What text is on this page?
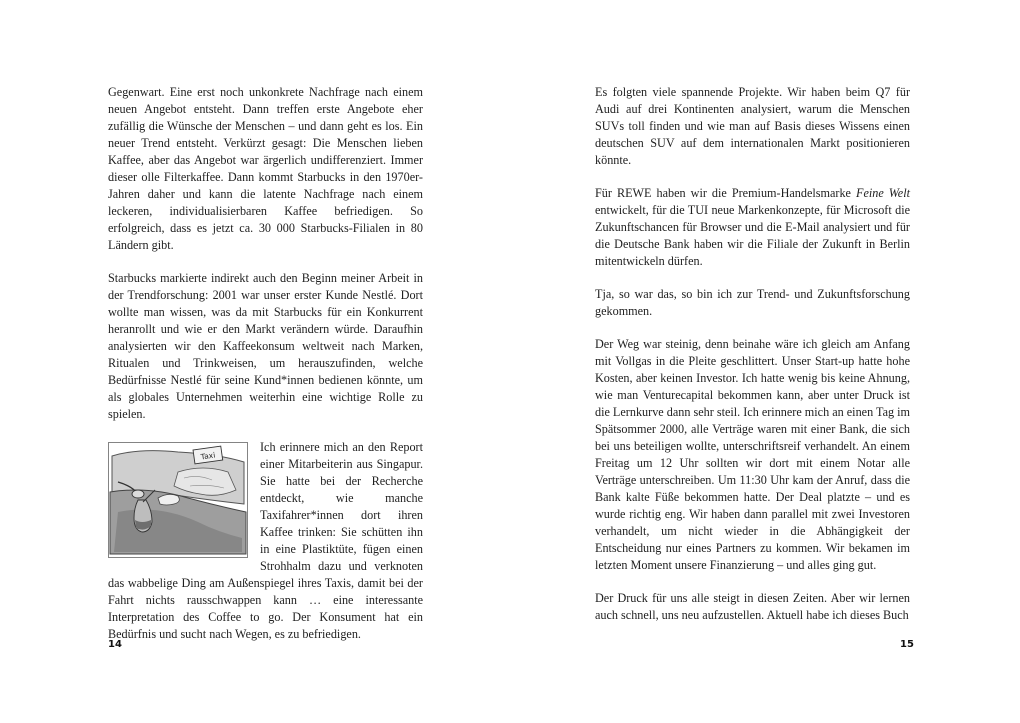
Gegenwart. Eine erst noch unkonkrete Nachfrage nach einem neuen Angebot entsteht. Dann treffen erste Angebote eher zufällig die Wünsche der Menschen – und dann geht es los. Ein neuer Trend entsteht. Verkürzt gesagt: Die Menschen lieben Kaffee, aber das Angebot war ärgerlich undifferenziert. Immer dieser olle Filterkaffee. Dann kommt Starbucks in den 1970er-Jahren daher und kann die latente Nachfrage nach einem leckeren, individualisierbaren Kaffee befriedigen. So erfolgreich, dass es jetzt ca. 30 000 Starbucks-Filialen in 80 Ländern gibt.

Starbucks markierte indirekt auch den Beginn meiner Arbeit in der Trendforschung: 2001 war unser erster Kunde Nestlé. Dort wollte man wissen, was da mit Starbucks für ein Konkurrent heranrollt und wie er den Markt verändern würde. Daraufhin analysierten wir den Kaffeekonsum weltweit nach Marken, Ritualen und Trinkweisen, um herauszufinden, welche Bedürfnisse Nestlé für seine Kund*innen bedienen könnte, um als globales Unternehmen weiterhin eine wichtige Rolle zu spielen.

Taxi

Ich erinnere mich an den Report einer Mitarbeiterin aus Singapur. Sie hatte bei der Recherche entdeckt, wie manche Taxifahrer*innen dort ihren Kaffee trinken: Sie schütten ihn in eine Plastiktüte, fügen einen Strohhalm dazu und verknoten das wabbelige Ding am Außenspiegel ihres Taxis, damit bei der Fahrt nichts rausschwappen kann … eine interessante Interpretation des Coffee to go. Der Konsument hat ein Bedürfnis und sucht nach Wegen, es zu befriedigen.

14

Es folgten viele spannende Projekte. Wir haben beim Q7 für Audi auf drei Kontinenten analysiert, warum die Menschen SUVs toll finden und wie man auf Basis dieses Wissens einen deutschen SUV auf dem internationalen Markt positionieren könnte.

Für REWE haben wir die Premium-Handelsmarke Feine Welt entwickelt, für die TUI neue Markenkonzepte, für Microsoft die Zukunftschancen für Browser und die E-Mail analysiert und für die Deutsche Bank haben wir die Filiale der Zukunft in Berlin mitentwickeln dürfen.

Tja, so war das, so bin ich zur Trend- und Zukunftsforschung gekommen.

Der Weg war steinig, denn beinahe wäre ich gleich am Anfang mit Vollgas in die Pleite geschlittert. Unser Start-up hatte hohe Kosten, aber keinen Investor. Ich hatte wenig bis keine Ahnung, wie man Venturecapital bekommen kann, aber unter Druck ist die Lernkurve dann sehr steil. Ich erinnere mich an einen Tag im Spätsommer 2000, alle Verträge waren mit einer Bank, die sich bei uns beteiligen wollte, unterschriftsreif verhandelt. An einem Freitag um 12 Uhr sollten wir dort mit einem Notar alle Verträge unterschreiben. Um 11:30 Uhr kam der Anruf, dass die Bank kalte Füße bekommen hatte. Der Deal platzte – und es wurde richtig eng. Wir haben dann parallel mit zwei Investoren verhandelt, um nicht wieder in die Abhängigkeit der Entscheidung nur eines Partners zu kommen. Wir bekamen im letzten Moment unsere Finanzierung – und alles ging gut.

Der Druck für uns alle steigt in diesen Zeiten. Aber wir lernen auch schnell, uns neu aufzustellen. Aktuell habe ich dieses Buch

15
